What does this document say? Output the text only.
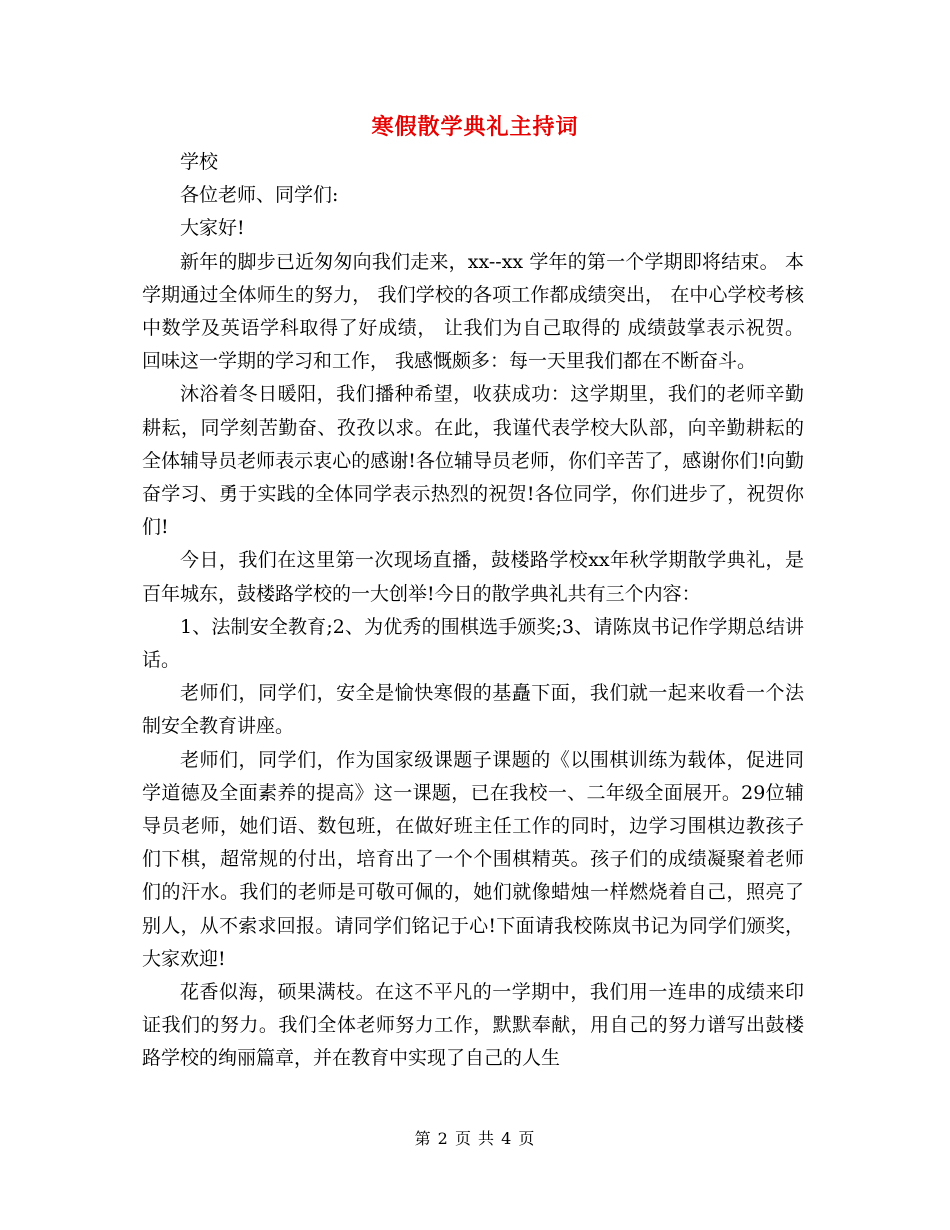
寒假散学典礼主持词

学校

各位老师、同学们:

大家好!

新年的脚步已近匆匆向我们走来，xx--xx 学年的第一个学期即将结束。 本学期通过全体师生的努力， 我们学校的各项工作都成绩突出， 在中心学校考核中数学及英语学科取得了好成绩， 让我们为自己取得的 成绩鼓掌表示祝贺。 回味这一学期的学习和工作， 我感慨颇多：每一天里我们都在不断奋斗。

沐浴着冬日暖阳，我们播种希望，收获成功：这学期里，我们的老师辛勤耕耘，同学刻苦勤奋、孜孜以求。在此，我谨代表学校大队部，向辛勤耕耘的全体辅导员老师表示衷心的感谢!各位辅导员老师，你们辛苦了，感谢你们!向勤奋学习、勇于实践的全体同学表示热烈的祝贺!各位同学，你们进步了，祝贺你们!

今日，我们在这里第一次现场直播，鼓楼路学校xx年秋学期散学典礼，是百年城东，鼓楼路学校的一大创举!今日的散学典礼共有三个内容：

1、法制安全教育;2、为优秀的围棋选手颁奖;3、请陈岚书记作学期总结讲话。

老师们，同学们，安全是愉快寒假的基矗下面，我们就一起来收看一个法制安全教育讲座。

老师们，同学们，作为国家级课题子课题的《以围棋训练为载体，促进同学道德及全面素养的提高》这一课题，已在我校一、二年级全面展开。29位辅导员老师，她们语、数包班，在做好班主任工作的同时，边学习围棋边教孩子们下棋，超常规的付出，培育出了一个个围棋精英。孩子们的成绩凝聚着老师们的汗水。我们的老师是可敬可佩的，她们就像蜡烛一样燃烧着自己，照亮了别人，从不索求回报。请同学们铭记于心!下面请我校陈岚书记为同学们颁奖，大家欢迎!

花香似海，硕果满枝。在这不平凡的一学期中，我们用一连串的成绩来印证我们的努力。我们全体老师努力工作，默默奉献，用自己的努力谱写出鼓楼路学校的绚丽篇章，并在教育中实现了自己的人生

第 2 页 共 4 页
